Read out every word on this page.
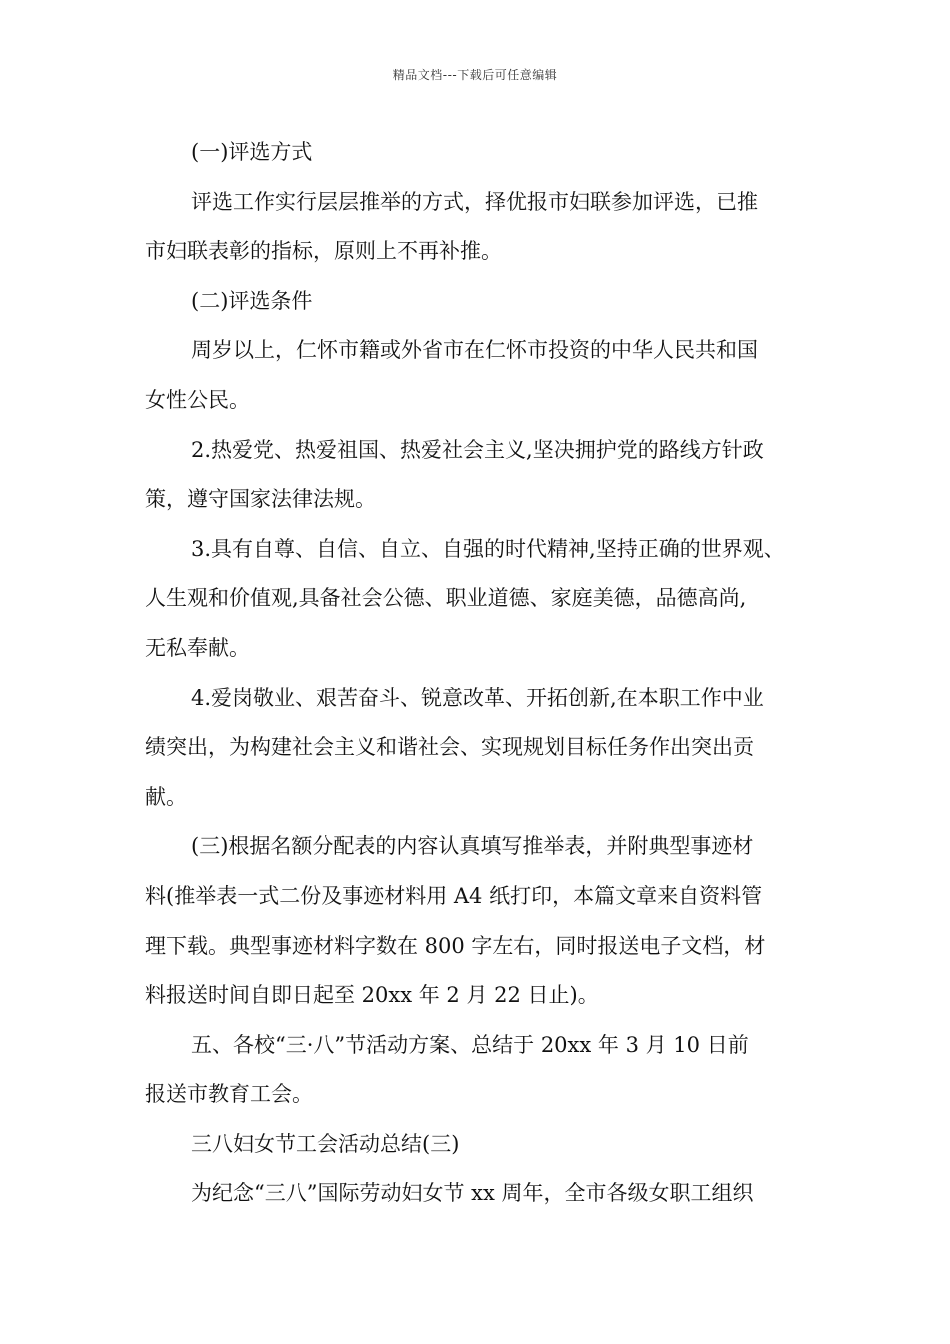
精品文档---下载后可任意编辑
(一)评选方式
评选工作实行层层推举的方式，择优报市妇联参加评选，已推
市妇联表彰的指标，原则上不再补推。
(二)评选条件
周岁以上，仁怀市籍或外省市在仁怀市投资的中华人民共和国
女性公民。
2.热爱党、热爱祖国、热爱社会主义,坚决拥护党的路线方针政
策，遵守国家法律法规。
3.具有自尊、自信、自立、自强的时代精神,坚持正确的世界观、
人生观和价值观,具备社会公德、职业道德、家庭美德，品德高尚,
无私奉献。
4.爱岗敬业、艰苦奋斗、锐意改革、开拓创新,在本职工作中业
绩突出，为构建社会主义和谐社会、实现规划目标任务作出突出贡
献。
(三)根据名额分配表的内容认真填写推举表，并附典型事迹材
料(推举表一式二份及事迹材料用 A4 纸打印，本篇文章来自资料管
理下载。典型事迹材料字数在 800 字左右，同时报送电子文档，材
料报送时间自即日起至 20xx 年 2 月 22 日止)。
五、各校“三·八”节活动方案、总结于 20xx 年 3 月 10 日前
报送市教育工会。
三八妇女节工会活动总结(三)
为纪念“三八”国际劳动妇女节 xx 周年，全市各级女职工组织
